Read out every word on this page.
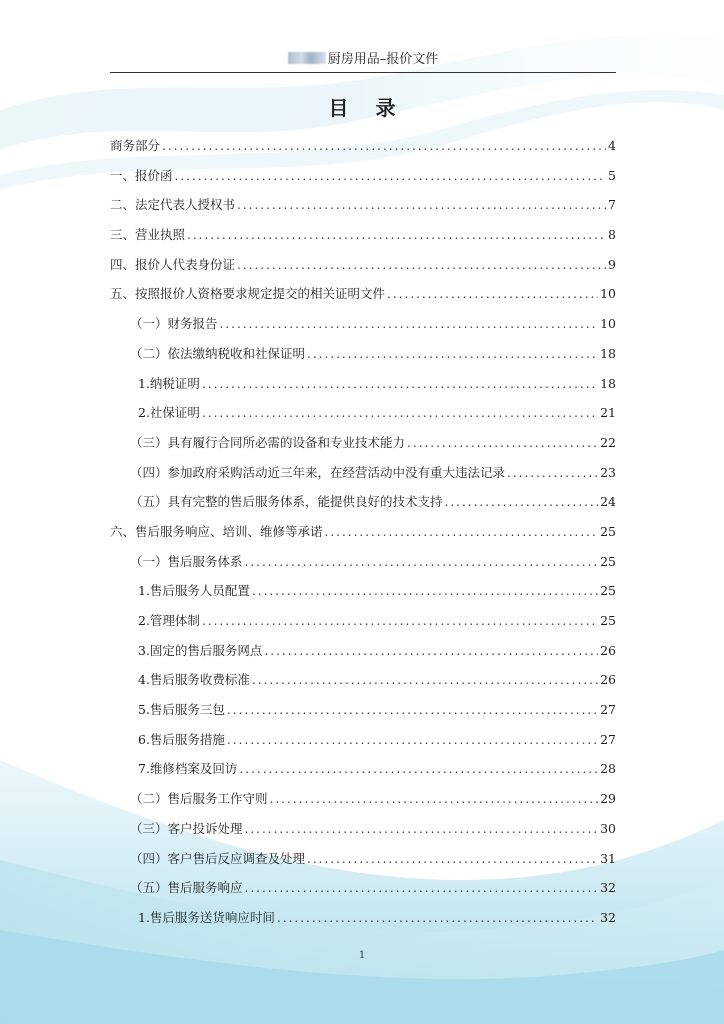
厨房用品–报价文件
目 录
商务部分 .....	4
一、报价函 .....	5
二、法定代表人授权书 .....	7
三、营业执照 .....	8
四、报价人代表身份证 .....	9
五、按照报价人资格要求规定提交的相关证明文件 .....	10
（一）财务报告 .....	10
（二）依法缴纳税收和社保证明 .....	18
1.纳税证明 .....	18
2.社保证明 .....	21
（三）具有履行合同所必需的设备和专业技术能力 .....	22
（四）参加政府采购活动近三年来，在经营活动中没有重大违法记录 .....	23
（五）具有完整的售后服务体系，能提供良好的技术支持 .....	24
六、售后服务响应、培训、维修等承诺 .....	25
（一）售后服务体系 .....	25
1.售后服务人员配置 .....	25
2.管理体制 .....	25
3.固定的售后服务网点 .....	26
4.售后服务收费标准 .....	26
5.售后服务三包 .....	27
6.售后服务措施 .....	27
7.维修档案及回访 .....	28
（二）售后服务工作守则 .....	29
（三）客户投诉处理 .....	30
（四）客户售后反应调查及处理 .....	31
（五）售后服务响应 .....	32
1.售后服务送货响应时间 .....	32
1
